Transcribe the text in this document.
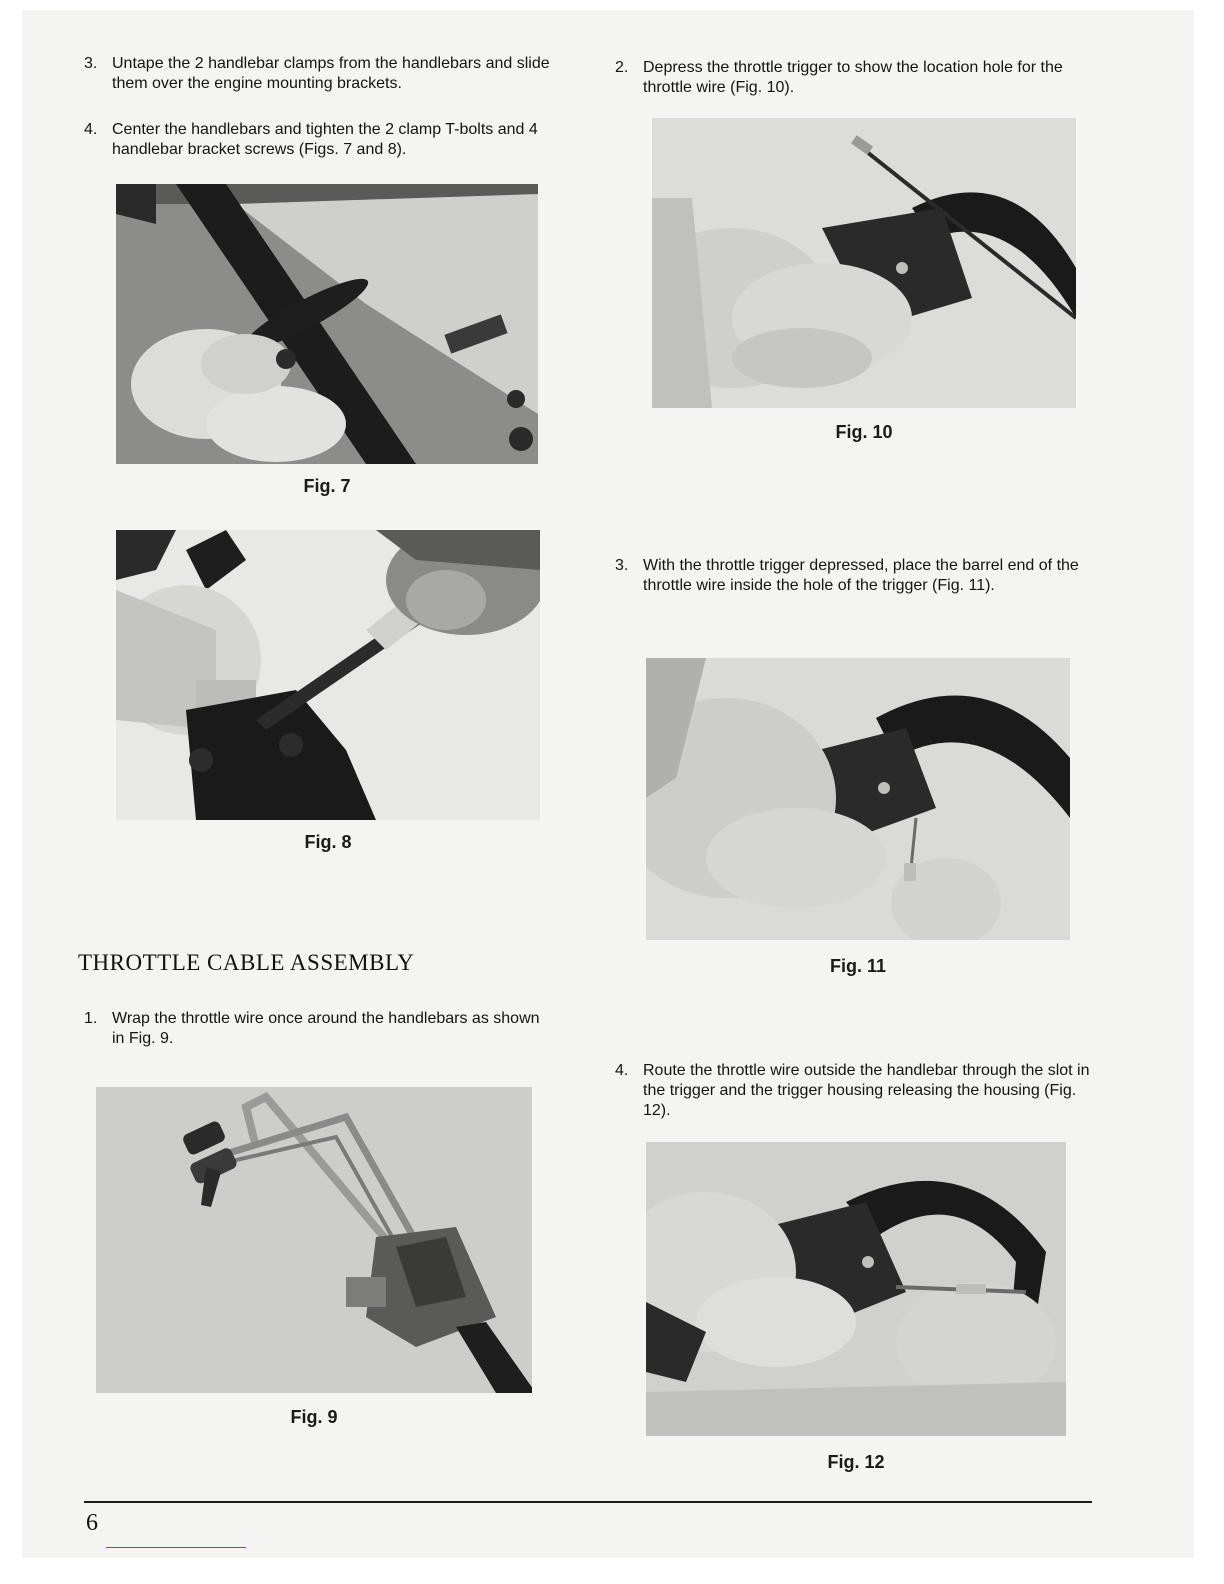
3. Untape the 2 handlebar clamps from the handlebars and slide them over the engine mounting brackets.
4. Center the handlebars and tighten the 2 clamp T-bolts and 4 handlebar bracket screws (Figs. 7 and 8).
Fig. 7
Fig. 8
THROTTLE CABLE ASSEMBLY
1. Wrap the throttle wire once around the handlebars as shown in Fig. 9.
Fig. 9
2. Depress the throttle trigger to show the location hole for the throttle wire (Fig. 10).
Fig. 10
3. With the throttle trigger depressed, place the barrel end of the throttle wire inside the hole of the trigger (Fig. 11).
Fig. 11
4. Route the throttle wire outside the handlebar through the slot in the trigger and the trigger housing releasing the housing (Fig. 12).
Fig. 12
6
